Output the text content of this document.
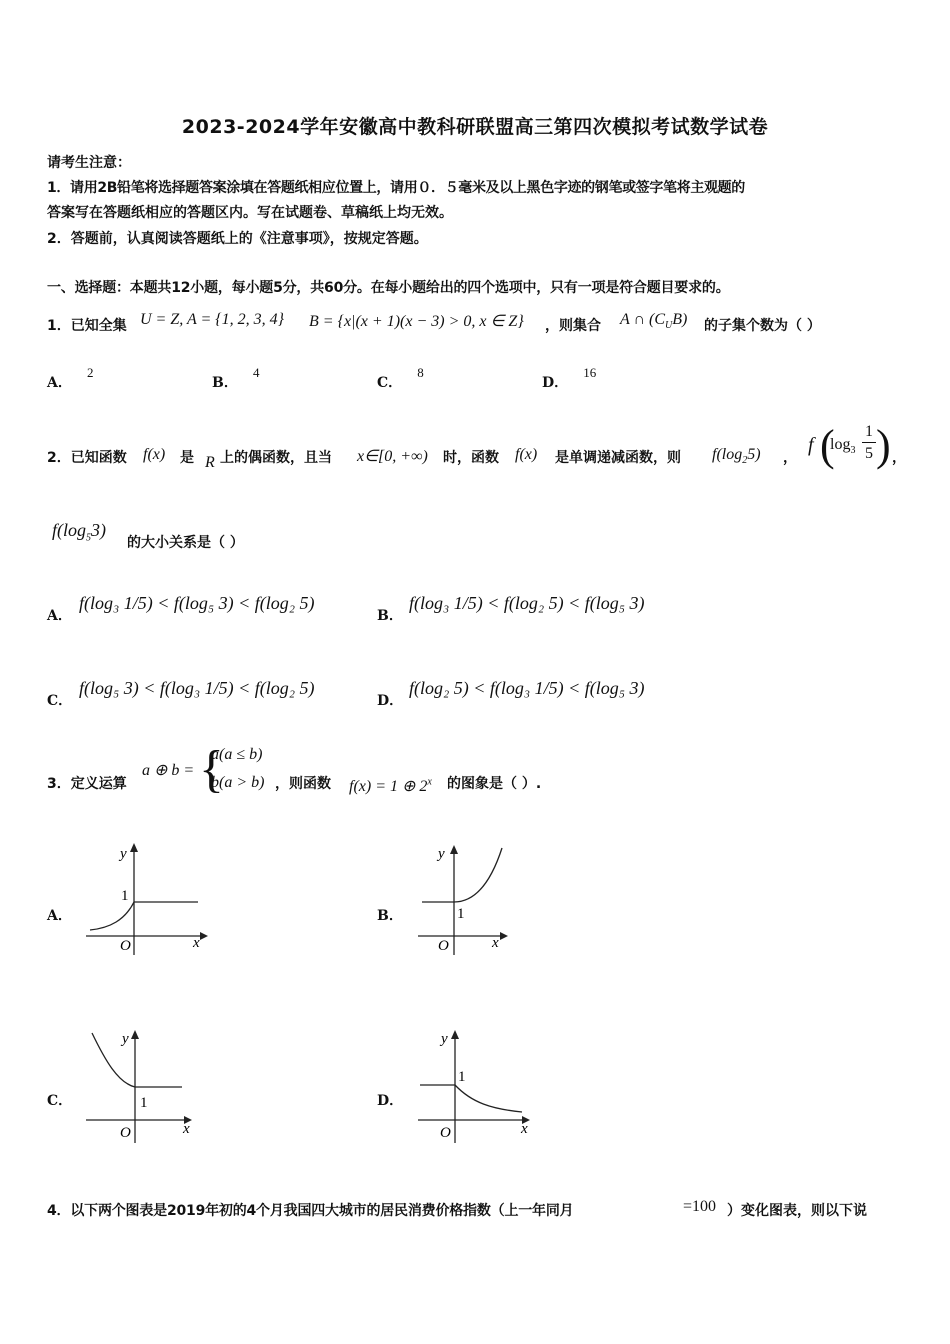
2023-2024学年安徽高中教科研联盟高三第四次模拟考试数学试卷
请考生注意：
1．请用2B铅笔将选择题答案涂填在答题纸相应位置上，请用０．５毫米及以上黑色字迹的钢笔或签字笔将主观题的
答案写在答题纸相应的答题区内。写在试题卷、草稿纸上均无效。
2．答题前，认真阅读答题纸上的《注意事项》，按规定答题。
一、选择题：本题共12小题，每小题5分，共60分。在每小题给出的四个选项中，只有一项是符合题目要求的。
1．已知全集 U = Z, A = {1, 2, 3, 4} B = {x|(x + 1)(x − 3) > 0, x ∈ Z} ，则集合 A ∩ $(C_UB)$ 的子集个数为（ ）
A． $^2$
B． $^4$
C． $^8$
D． $^{16}$
2．已知函数 f(x) 是 R 上的偶函数，且当 x∈[0, +∞) 时，函数 f(x) 是单调递减函数，则 $f(\log_25)$ ，
f (
$\log_3$
1
5 ) ，
$f(\log_53)$
的大小关系是（ ）
A．
f(log₃ 1/5) < f(log₅ 3) < f(log₂ 5)
B．
f(log₃ 1/5) < f(log₂ 5) < f(log₅ 3)
C．
f(log₅ 3) < f(log₃ 1/5) < f(log₂ 5)
D．
f(log₂ 5) < f(log₃ 1/5) < f(log₅ 3)
3．定义运算
a ⊕ b = {
a(a ≤ b)
b(a > b) ，则函数 f(x) = 1 ⊕ 2$^x$ 的图象是（ ）.
A．
y
x
O
1
B．
y
x
O
1
C．
y
x
O
1	D．
y
x
O
1
4．以下两个图表是2019年初的4个月我国四大城市的居民消费价格指数（上一年同月	=100 ）变化图表，则以下说
